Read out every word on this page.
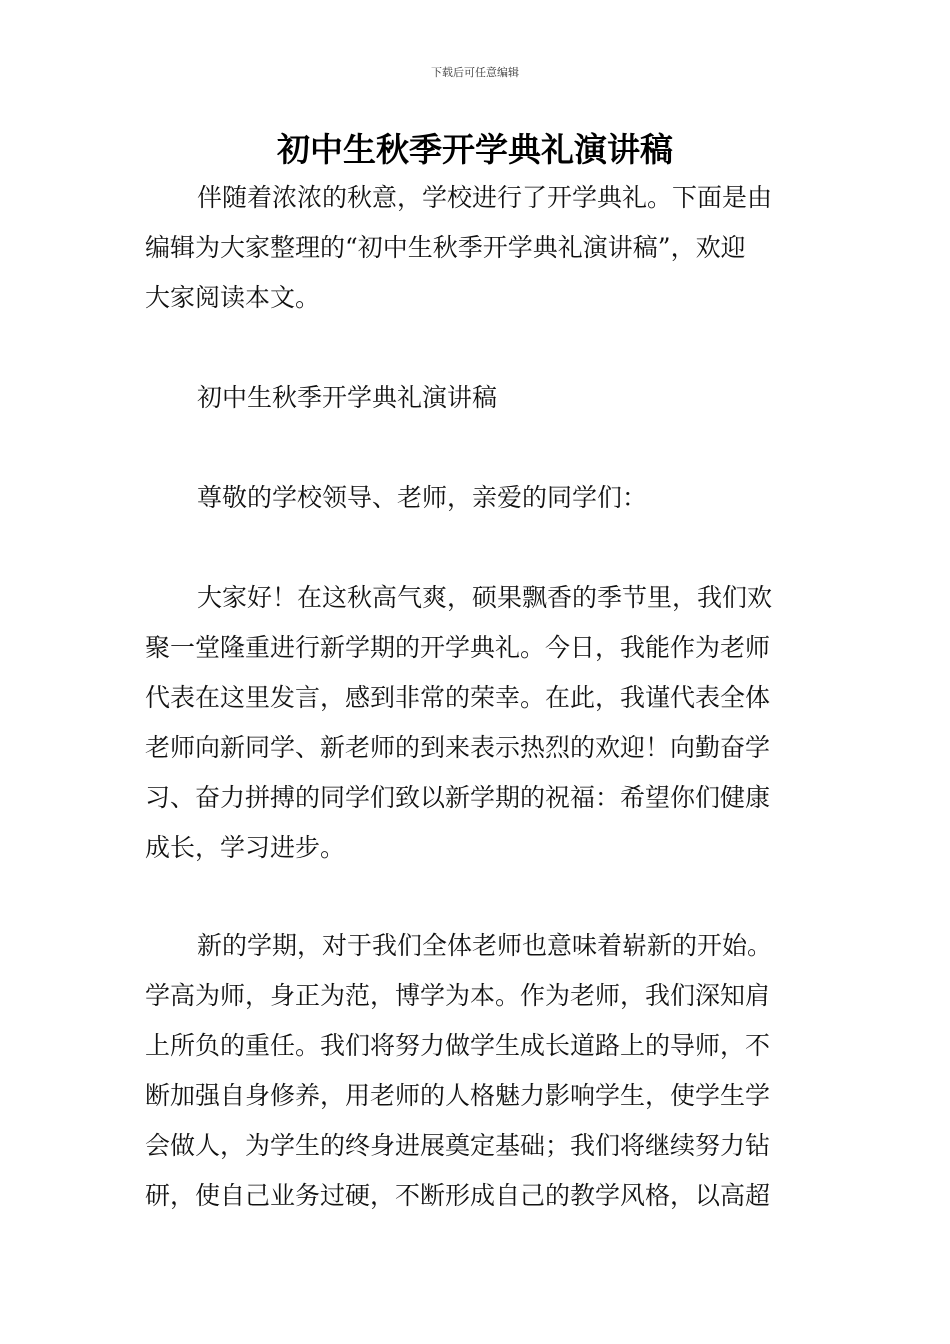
下载后可任意编辑
初中生秋季开学典礼演讲稿
伴随着浓浓的秋意，学校进行了开学典礼。下面是由
编辑为大家整理的“初中生秋季开学典礼演讲稿”，欢迎
大家阅读本文。
初中生秋季开学典礼演讲稿
尊敬的学校领导、老师，亲爱的同学们：
大家好！在这秋高气爽，硕果飘香的季节里，我们欢
聚一堂隆重进行新学期的开学典礼。今日，我能作为老师
代表在这里发言，感到非常的荣幸。在此，我谨代表全体
老师向新同学、新老师的到来表示热烈的欢迎！向勤奋学
习、奋力拼搏的同学们致以新学期的祝福：希望你们健康
成长，学习进步。
新的学期，对于我们全体老师也意味着崭新的开始。
学高为师，身正为范，博学为本。作为老师，我们深知肩
上所负的重任。我们将努力做学生成长道路上的导师，不
断加强自身修养，用老师的人格魅力影响学生，使学生学
会做人，为学生的终身进展奠定基础；我们将继续努力钻
研，使自己业务过硬，不断形成自己的教学风格，以高超
